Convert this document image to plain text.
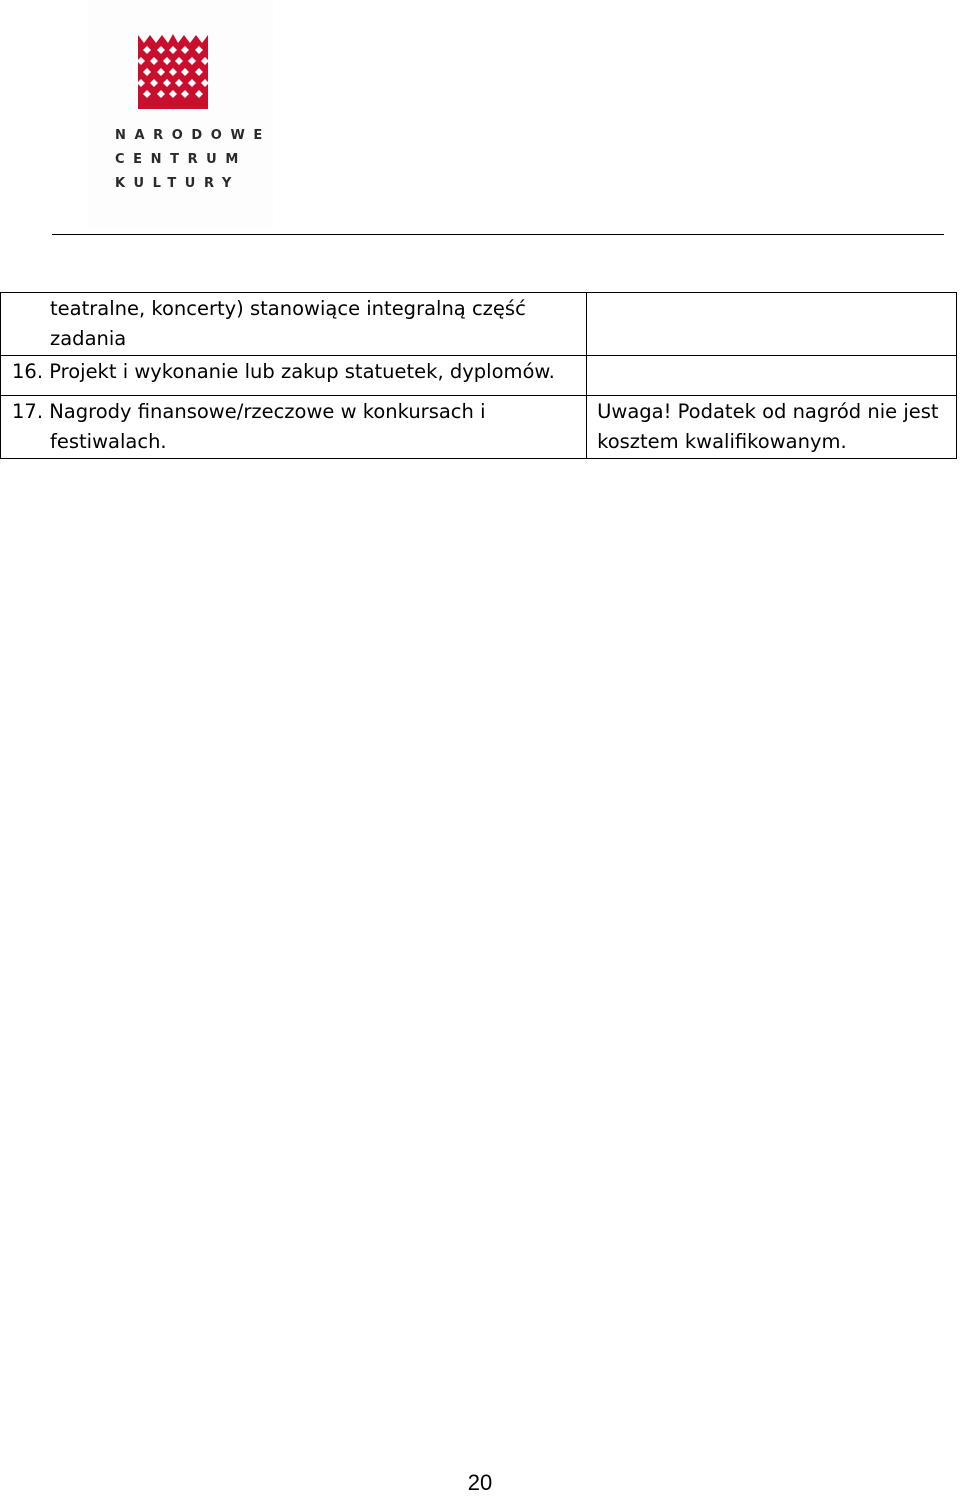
NARODOWE
CENTRUM
KULTURY
teatralne, koncerty) stanowiące integralną część zadania	

16. Projekt i wykonanie lub zakup statuetek, dyplomów.	

17. Nagrody finansowe/rzeczowe w konkursach i festiwalach.	Uwaga! Podatek od nagród nie jest kosztem kwalifikowanym.
20
